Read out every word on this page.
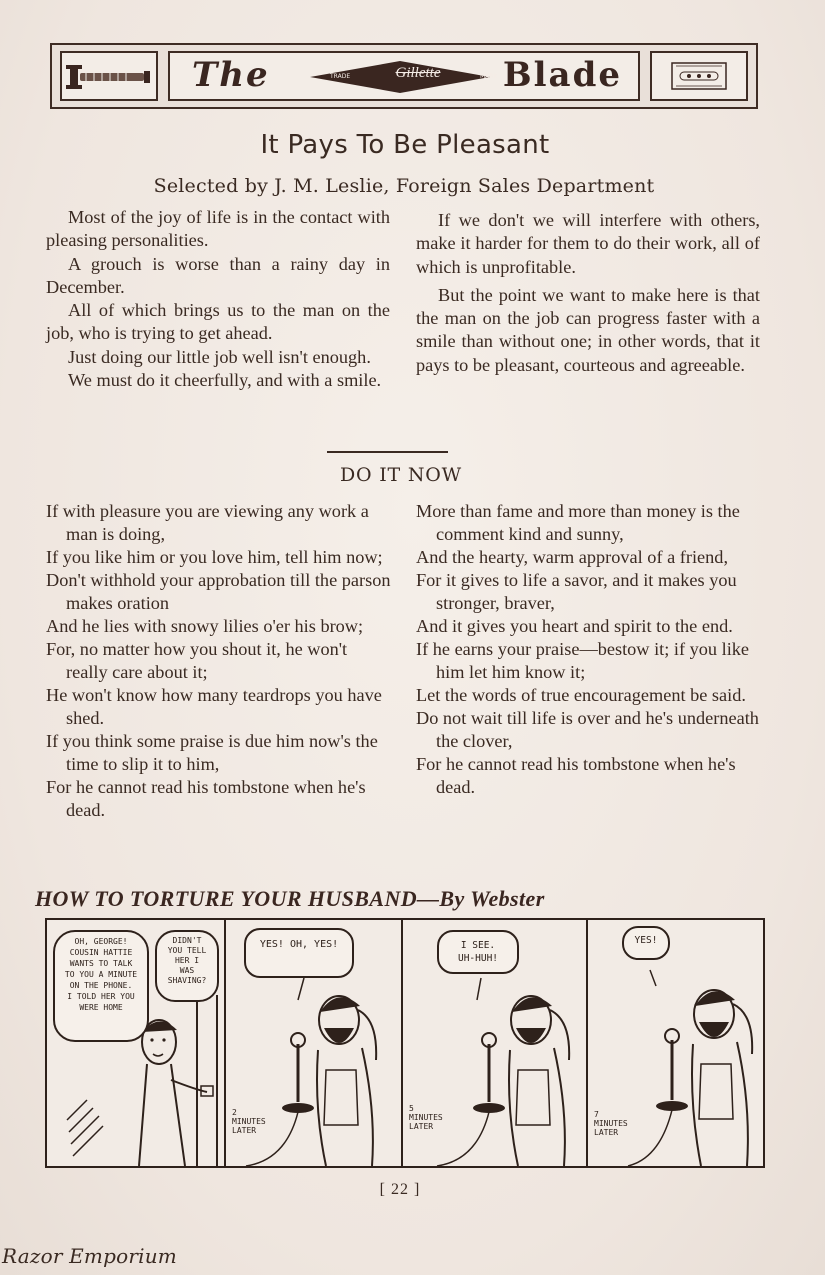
The	TRADE	Gillette	MARK Blade
It Pays To Be Pleasant
Selected by J. M. Leslie, Foreign Sales Department

Most of the joy of life is in the contact with pleasing personalities.

A grouch is worse than a rainy day in December.

All of which brings us to the man on the job, who is trying to get ahead.

Just doing our little job well isn't enough.

We must do it cheerfully, and with a smile.

If we don't we will interfere with others, make it harder for them to do their work, all of which is unprofitable.

But the point we want to make here is that the man on the job can progress faster with a smile than without one; in other words, that it pays to be pleasant, courteous and agreeable.

DO IT NOW
If with pleasure you are viewing any work a man is doing,
If you like him or you love him, tell him now;
Don't withhold your approbation till the parson makes oration
And he lies with snowy lilies o'er his brow;
For, no matter how you shout it, he won't really care about it;
He won't know how many teardrops you have shed.
If you think some praise is due him now's the time to slip it to him,
For he cannot read his tombstone when he's dead.
More than fame and more than money is the comment kind and sunny,
And the hearty, warm approval of a friend,
For it gives to life a savor, and it makes you stronger, braver,
And it gives you heart and spirit to the end.
If he earns your praise—bestow it; if you like him let him know it;
Let the words of true encouragement be said.
Do not wait till life is over and he's underneath the clover,
For he cannot read his tombstone when he's dead.
HOW TO TORTURE YOUR HUSBAND—By Webster
OH, GEORGE!
COUSIN HATTIE
WANTS TO TALK
TO YOU A MINUTE
ON THE PHONE.
I TOLD HER YOU
WERE HOME
DIDN'T
YOU TELL
HER I
WAS
SHAVING?
YES! OH, YES!
2
MINUTES
LATER
I SEE.
UH-HUH!
5
MINUTES
LATER
YES!
7
MINUTES
LATER
[ 22 ]
Razor Emporium
